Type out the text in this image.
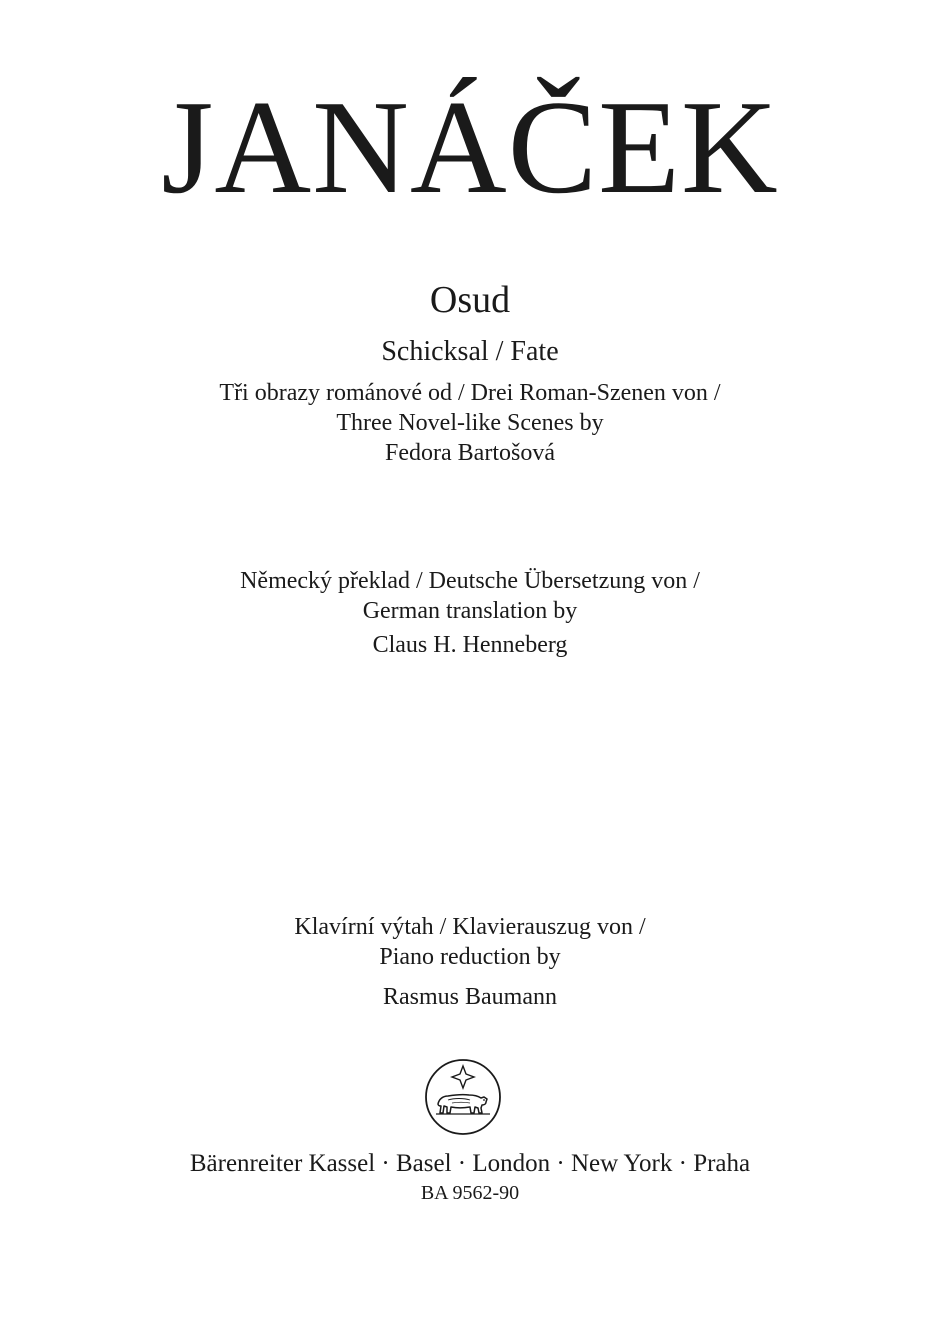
JANÁČEK
Osud
Schicksal / Fate
Tři obrazy románové od / Drei Roman-Szenen von /
Three Novel-like Scenes by
Fedora Bartošová
Německý překlad / Deutsche Übersetzung von /
German translation by
Claus H. Henneberg
Klavírní výtah / Klavierauszug von /
Piano reduction by
Rasmus Baumann
Bärenreiter Kassel · Basel · London · New York · Praha
BA 9562-90
